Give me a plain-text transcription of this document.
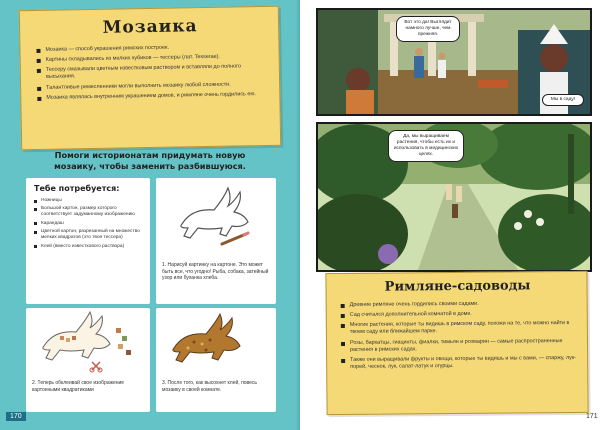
Мозаика
Мозаика — способ украшения римских построек.
Картины складывались из мелких кубиков — тессеры (лат. Tesserae).
Тессеру смазывали цветным известковым раствором и вставляли до полного высыхания.
Талантливые ремесленники могли выполнить мозаику любой сложности.
Мозаика являлась внутренним украшением домов, и римляне очень гордились ею.
Помоги историонатам придумать новую мозаику, чтобы заменить разбившуюся.
Тебе потребуется:
Ножницы
Большой картон, размер которого соответствует задуманному изображению
Карандаш
Цветной картон, разрезанный на множество мелких квадратов (это твоя тессера)
Клей (вместо известкового раствора)
1. Нарисуй картинку на картоне. Это может быть все, что угодно! Рыба, собака, затейный узор или буханка хлеба.
2. Теперь обклеивай свое изображение картонными квадратиками
3. После того, как высохнет клей, повесь мозаику в своей комнате.
170
Вот это да! Выглядит намного лучше, чем прежняя.
Мы в саду!
Да, мы выращиваем растения, чтобы есть их и использовать в медицинских целях.
Римляне-садоводы
Древние римляне очень гордились своими садами.
Сад считался дополнительной комнатой в доме.
Многие растения, которые ты видишь в римском саду, похожи на те, что можно найти в твоем саду или ближайшем парке.
Розы, бархатцы, гиацинты, фиалки, тимьян и розмарин — самые распространенные растения в римских садах.
Также они выращивали фрукты и овощи, которые ты видишь и мы с вами, — спаржу, лук-порей, чеснок, лук, салат-латук и огурцы.
171
